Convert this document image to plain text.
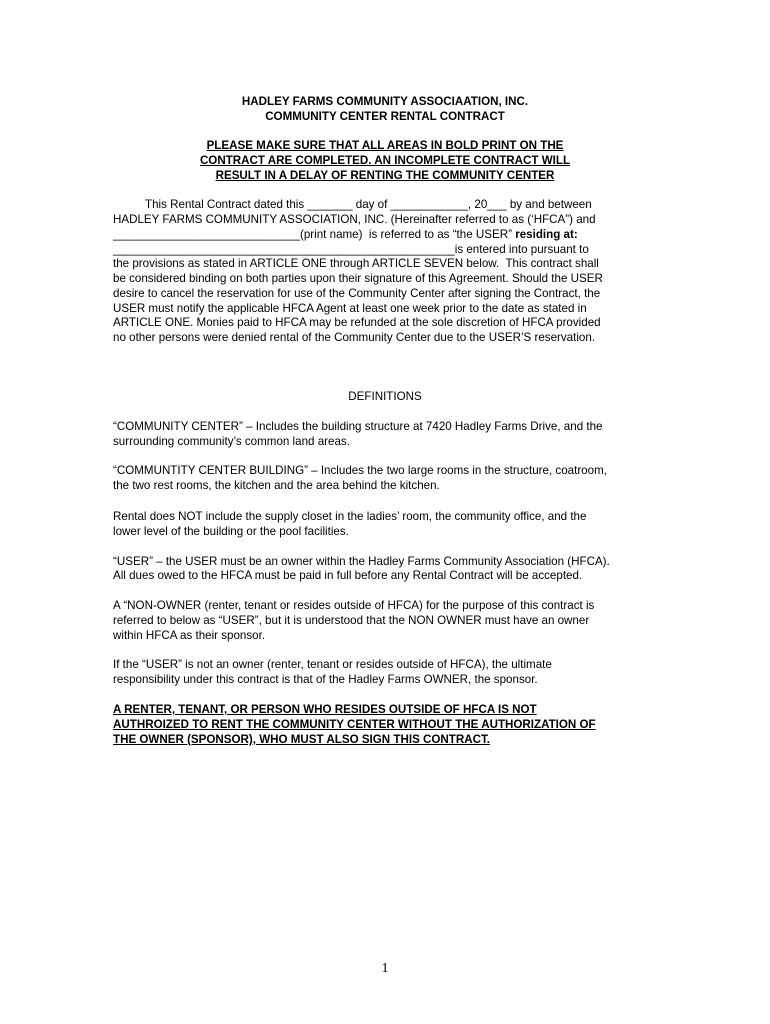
HADLEY FARMS COMMUNITY ASSOCIAATION, INC.
COMMUNITY CENTER RENTAL CONTRACT
PLEASE MAKE SURE THAT ALL AREAS IN BOLD PRINT ON THE
CONTRACT ARE COMPLETED. AN INCOMPLETE CONTRACT WILL
RESULT IN A DELAY OF RENTING THE COMMUNITY CENTER
This Rental Contract dated this _______ day of ____________, 20___ by and between
HADLEY FARMS COMMUNITY ASSOCIATION, INC. (Hereinafter referred to as (‘HFCA”) and
_____________________________(print name)  is referred to as “the USER” residing at:
_____________________________________________________is entered into pursuant to
the provisions as stated in ARTICLE ONE through ARTICLE SEVEN below.  This contract shall
be considered binding on both parties upon their signature of this Agreement. Should the USER
desire to cancel the reservation for use of the Community Center after signing the Contract, the
USER must notify the applicable HFCA Agent at least one week prior to the date as stated in
ARTICLE ONE. Monies paid to HFCA may be refunded at the sole discretion of HFCA provided
no other persons were denied rental of the Community Center due to the USER’S reservation.
DEFINITIONS
“COMMUNITY CENTER” – Includes the building structure at 7420 Hadley Farms Drive, and the
surrounding community’s common land areas.
“COMMUNTITY CENTER BUILDING” – Includes the two large rooms in the structure, coatroom,
the two rest rooms, the kitchen and the area behind the kitchen.
Rental does NOT include the supply closet in the ladies’ room, the community office, and the
lower level of the building or the pool facilities.
“USER” – the USER must be an owner within the Hadley Farms Community Association (HFCA).
All dues owed to the HFCA must be paid in full before any Rental Contract will be accepted.
A “NON-OWNER (renter, tenant or resides outside of HFCA) for the purpose of this contract is
referred to below as “USER”, but it is understood that the NON OWNER must have an owner
within HFCA as their sponsor.
If the “USER” is not an owner (renter, tenant or resides outside of HFCA), the ultimate
responsibility under this contract is that of the Hadley Farms OWNER, the sponsor.
A RENTER, TENANT, OR PERSON WHO RESIDES OUTSIDE OF HFCA IS NOT
AUTHROIZED TO RENT THE COMMUNITY CENTER WITHOUT THE AUTHORIZATION OF
THE OWNER (SPONSOR), WHO MUST ALSO SIGN THIS CONTRACT.
1
